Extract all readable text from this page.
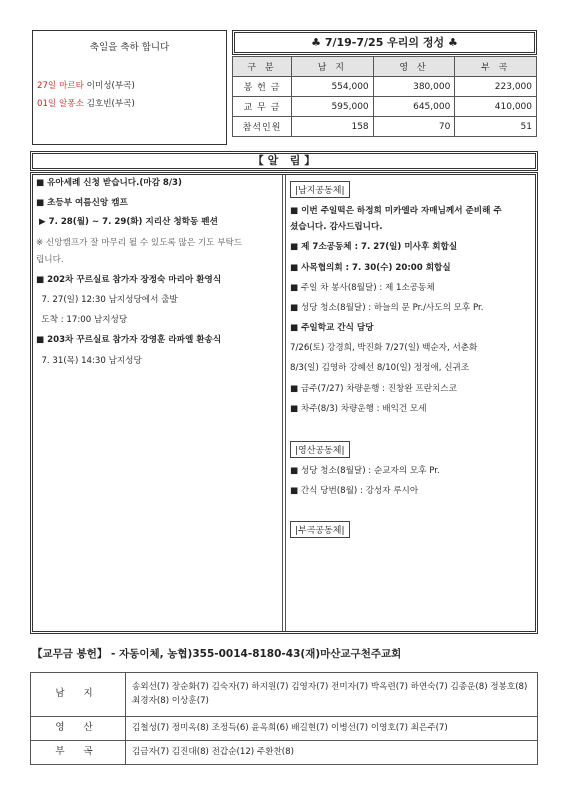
축일을 축하 합니다
27일 마르타 이미성(부곡)
01일 알퐁소 김호빈(부곡)
♣ 7/19-7/25 우리의 정성 ♣
구 분	남 지	영 산	부 곡
봉 헌 금	554,000	380,000	223,000
교 무 금	595,000	645,000	410,000
참석인원	158	70	51
【 알   림 】

■ 유아세례 신청 받습니다.(마감 8/3)

■ 초등부 여름신앙 캠프

▶ 7. 28(월) ~ 7. 29(화) 지리산 청학동 펜션

※ 신앙캠프가 잘 마무리 될 수 있도록 많은 기도 부탁드

립니다.

■ 202차 꾸르실료 참가자 장정숙 마리아 환영식

7. 27(일) 12:30 남지성당에서 출발

도착 : 17:00 남지성당

■ 203차 꾸르실료 참가자 강영훈 라파엘 환송식

7. 31(목) 14:30 남지성당

|남지공동체|

■ 이번 주일떡은 하정희 미카엘라 자매님께서 준비해 주

셨습니다. 감사드립니다.

■ 제 7소공동체 : 7. 27(일) 미사후 회합실

■ 사목협의회 : 7. 30(수) 20:00 회합실

■ 주일 차 봉사(8월달) : 제 1소공동체

■ 성당 청소(8월달) : 하늘의 문 Pr./사도의 모후 Pr.

■ 주일학교 간식 담당

7/26(토) 강경희, 박진화 7/27(일) 백순자, 서춘화

8/3(일) 김영하 강혜선 8/10(일) 정정애, 신귀조

■ 금주(7/27) 차량운행 : 진창완 프란치스코

■ 차주(8/3) 차량운행 : 배익건 모세

|영산공동체|

■ 성당 청소(8월달) : 순교자의 모후 Pr.

■ 간식 당번(8월) : 강성자 루시아

|부곡공동체|
【교무금 봉헌】 - 자동이체, 농협)355-0014-8180-43(재)마산교구천주교회
남 지	송외선(7) 장순화(7) 김숙자(7) 하지원(7) 김영자(7) 전미자(7) 박옥련(7) 하연숙(7) 김종운(8) 정봉호(8) 최경자(8) 이상훈(7)
영 산	김철성(7) 정미옥(8) 조정득(6) 윤옥희(6) 배길현(7) 이병선(7) 이영호(7) 최은주(7)
부 곡	김금자(7) 김진대(8) 전갑순(12) 주환찬(8)
